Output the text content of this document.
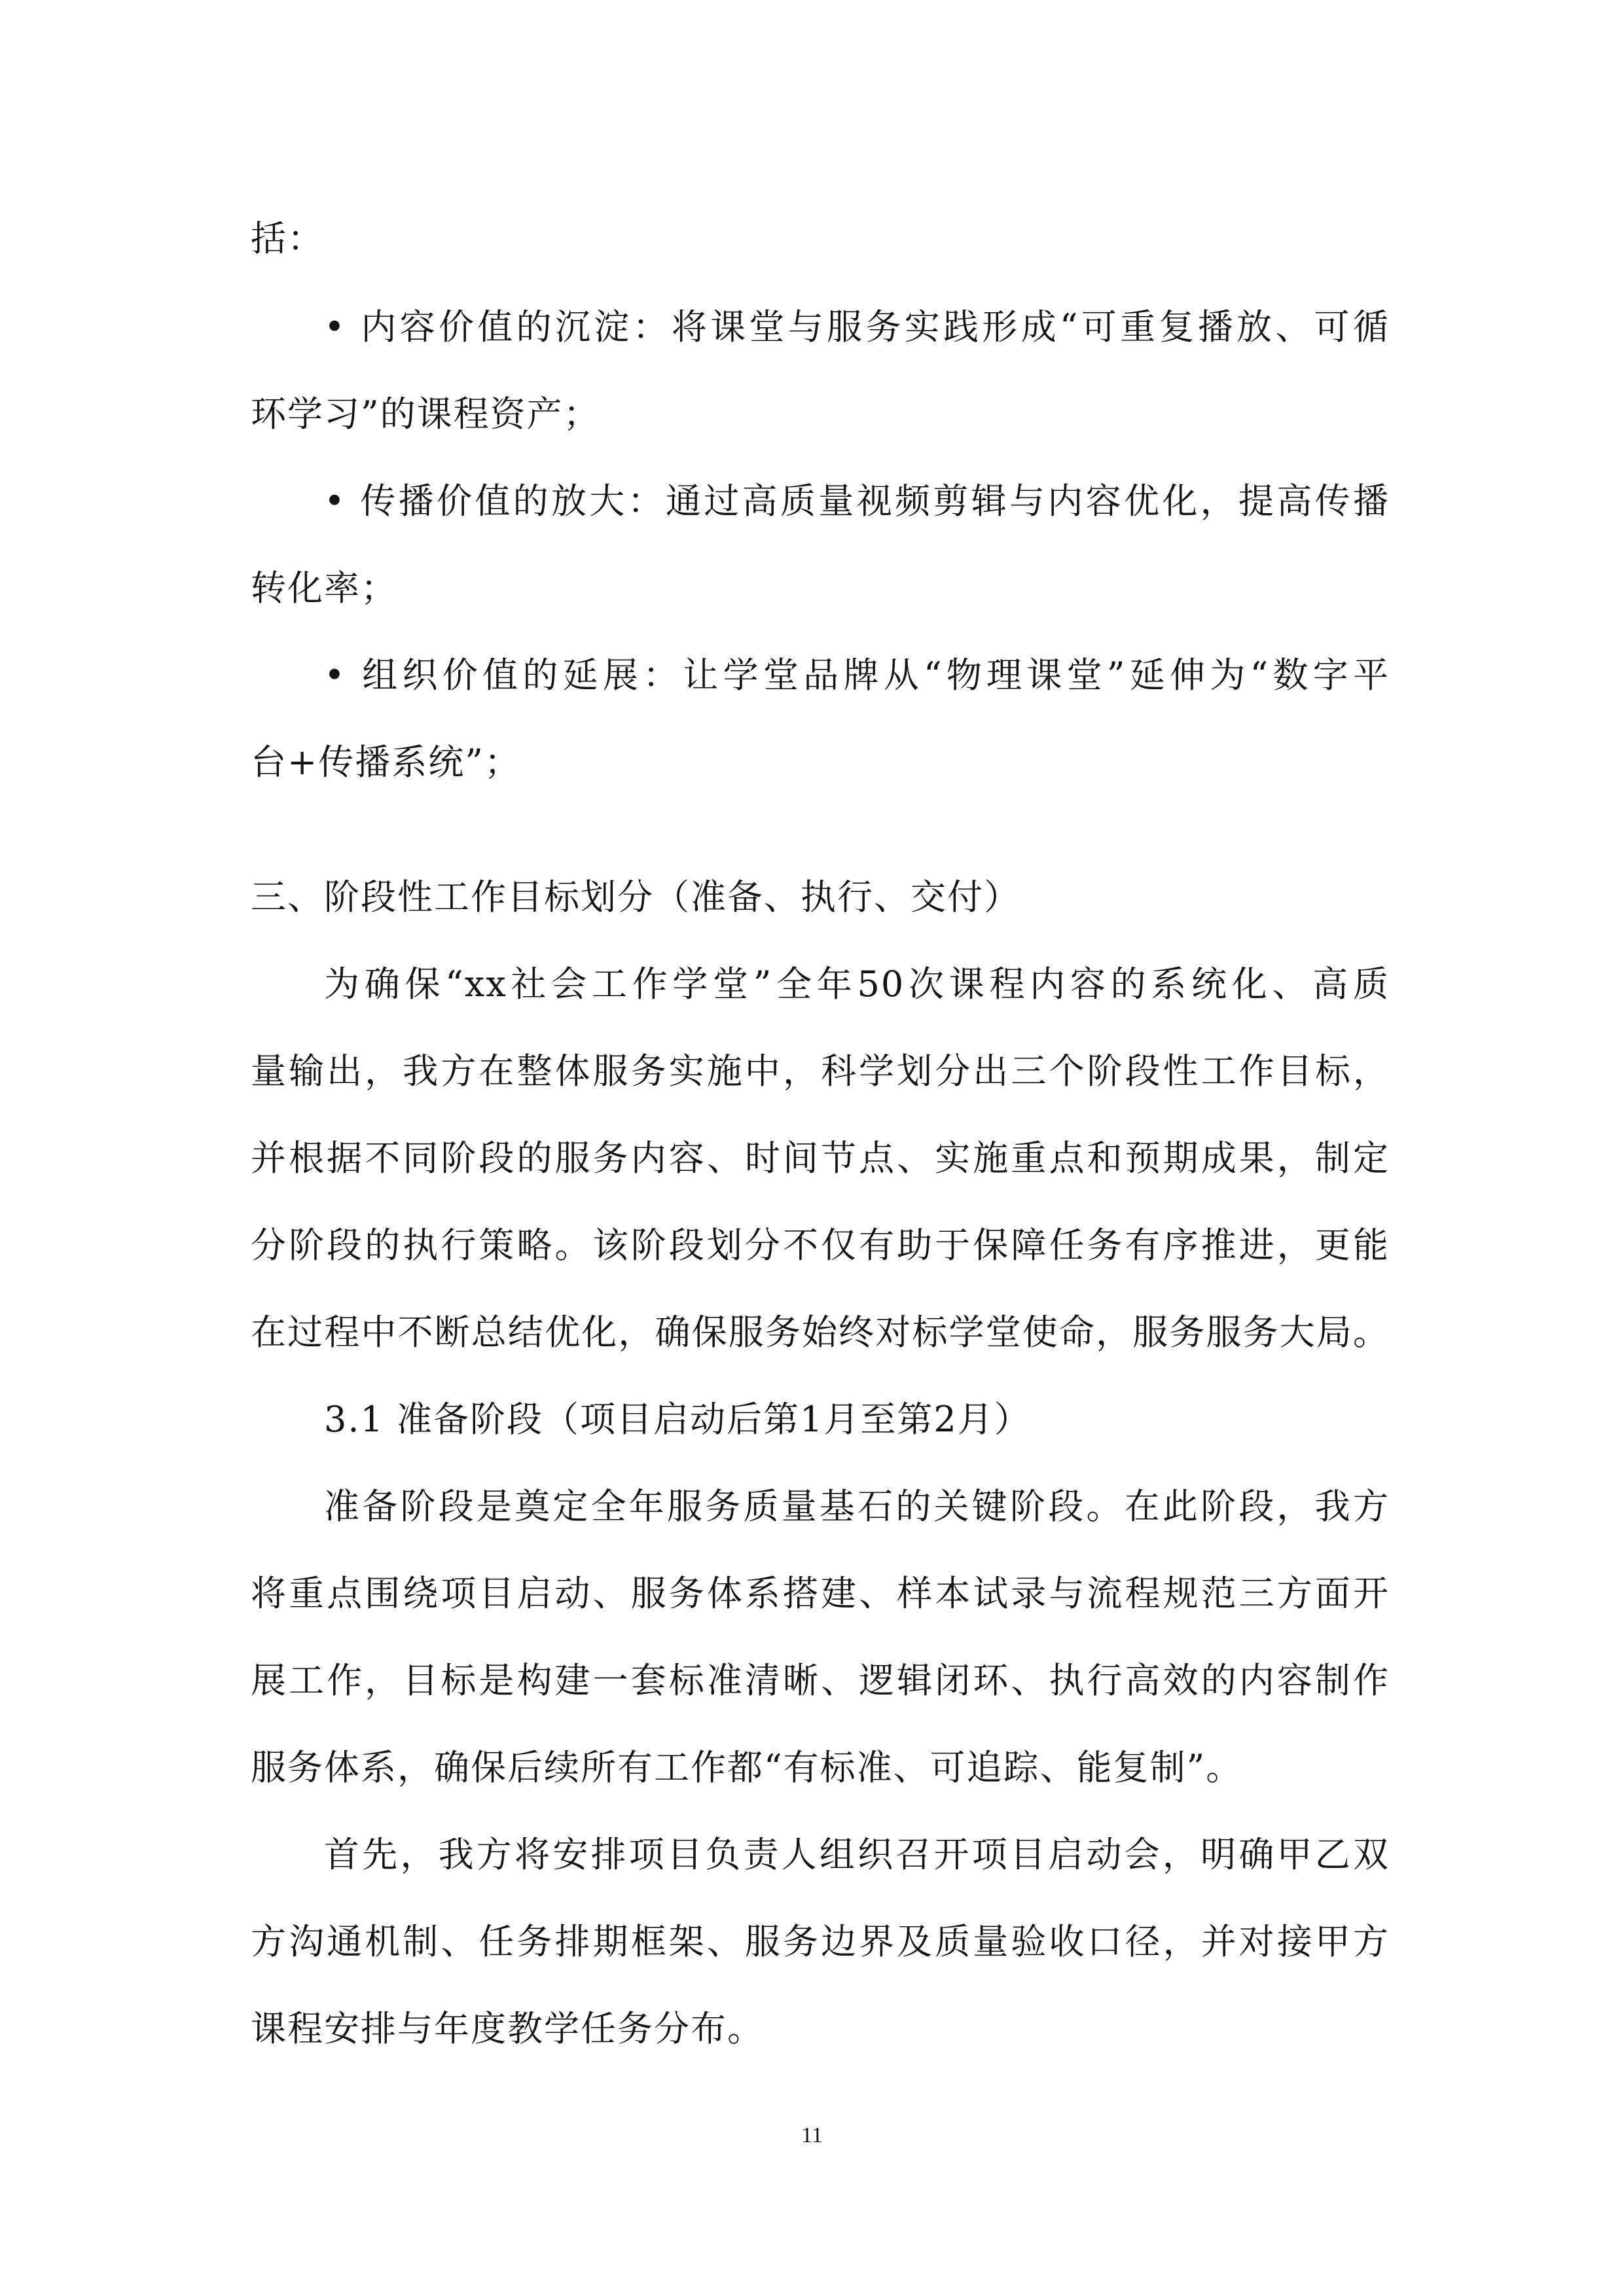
括：
• 内容价值的沉淀：将课堂与服务实践形成“可重复播放、可循
环学习”的课程资产；
• 传播价值的放大：通过高质量视频剪辑与内容优化，提高传播
转化率；
• 组织价值的延展：让学堂品牌从“物理课堂”延伸为“数字平
台+传播系统”；
三、阶段性工作目标划分（准备、执行、交付）
为确保“xx社会工作学堂”全年50次课程内容的系统化、高质
量输出，我方在整体服务实施中，科学划分出三个阶段性工作目标，
并根据不同阶段的服务内容、时间节点、实施重点和预期成果，制定
分阶段的执行策略。该阶段划分不仅有助于保障任务有序推进，更能
在过程中不断总结优化，确保服务始终对标学堂使命，服务服务大局。
3.1 准备阶段（项目启动后第1月至第2月）
准备阶段是奠定全年服务质量基石的关键阶段。在此阶段，我方
将重点围绕项目启动、服务体系搭建、样本试录与流程规范三方面开
展工作，目标是构建一套标准清晰、逻辑闭环、执行高效的内容制作
服务体系，确保后续所有工作都“有标准、可追踪、能复制”。
首先，我方将安排项目负责人组织召开项目启动会，明确甲乙双
方沟通机制、任务排期框架、服务边界及质量验收口径，并对接甲方
课程安排与年度教学任务分布。
11
